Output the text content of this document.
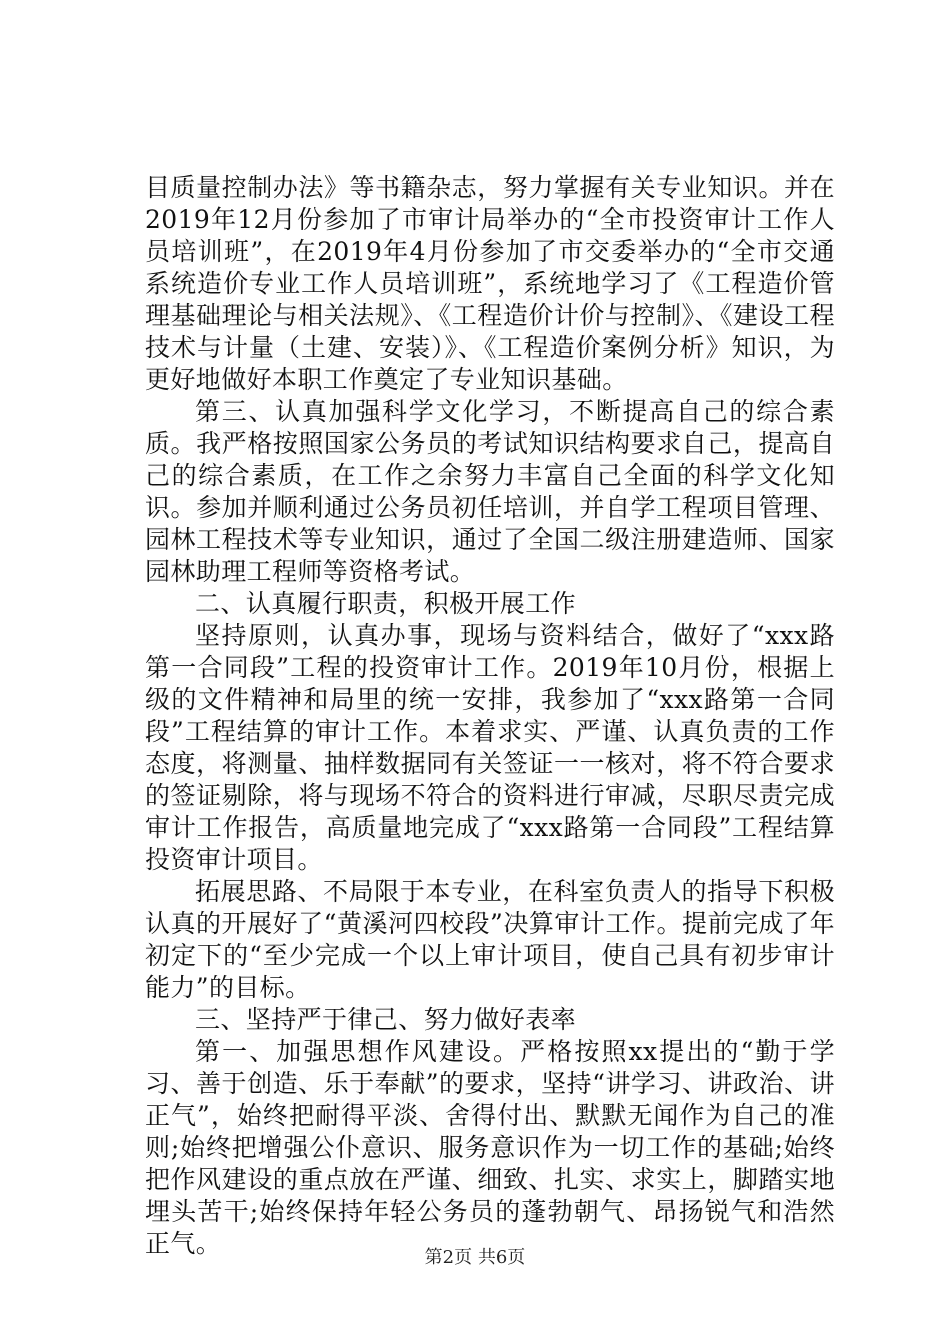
目质量控制办法》等书籍杂志，努力掌握有关专业知识。并在2019年12月份参加了市审计局举办的“全市投资审计工作人员培训班”，在2019年4月份参加了市交委举办的“全市交通系统造价专业工作人员培训班”，系统地学习了《工程造价管理基础理论与相关法规》、《工程造价计价与控制》、《建设工程技术与计量（土建、安装）》、《工程造价案例分析》知识，为更好地做好本职工作奠定了专业知识基础。

第三、认真加强科学文化学习，不断提高自己的综合素质。我严格按照国家公务员的考试知识结构要求自己，提高自己的综合素质，在工作之余努力丰富自己全面的科学文化知识。参加并顺利通过公务员初任培训，并自学工程项目管理、园林工程技术等专业知识，通过了全国二级注册建造师、国家园林助理工程师等资格考试。

二、认真履行职责，积极开展工作

坚持原则，认真办事，现场与资料结合，做好了“xxx路第一合同段”工程的投资审计工作。2019年10月份，根据上级的文件精神和局里的统一安排，我参加了“xxx路第一合同段”工程结算的审计工作。本着求实、严谨、认真负责的工作态度，将测量、抽样数据同有关签证一一核对，将不符合要求的签证剔除，将与现场不符合的资料进行审减，尽职尽责完成审计工作报告，高质量地完成了“xxx路第一合同段”工程结算投资审计项目。

拓展思路、不局限于本专业，在科室负责人的指导下积极认真的开展好了“黄溪河四校段”决算审计工作。提前完成了年初定下的“至少完成一个以上审计项目，使自己具有初步审计能力”的目标。

三、坚持严于律己、努力做好表率

第一、加强思想作风建设。严格按照xx提出的“勤于学习、善于创造、乐于奉献”的要求，坚持“讲学习、讲政治、讲正气”，始终把耐得平淡、舍得付出、默默无闻作为自己的准则;始终把增强公仆意识、服务意识作为一切工作的基础;始终把作风建设的重点放在严谨、细致、扎实、求实上，脚踏实地埋头苦干;始终保持年轻公务员的蓬勃朝气、昂扬锐气和浩然正气。	第2页 共6页
